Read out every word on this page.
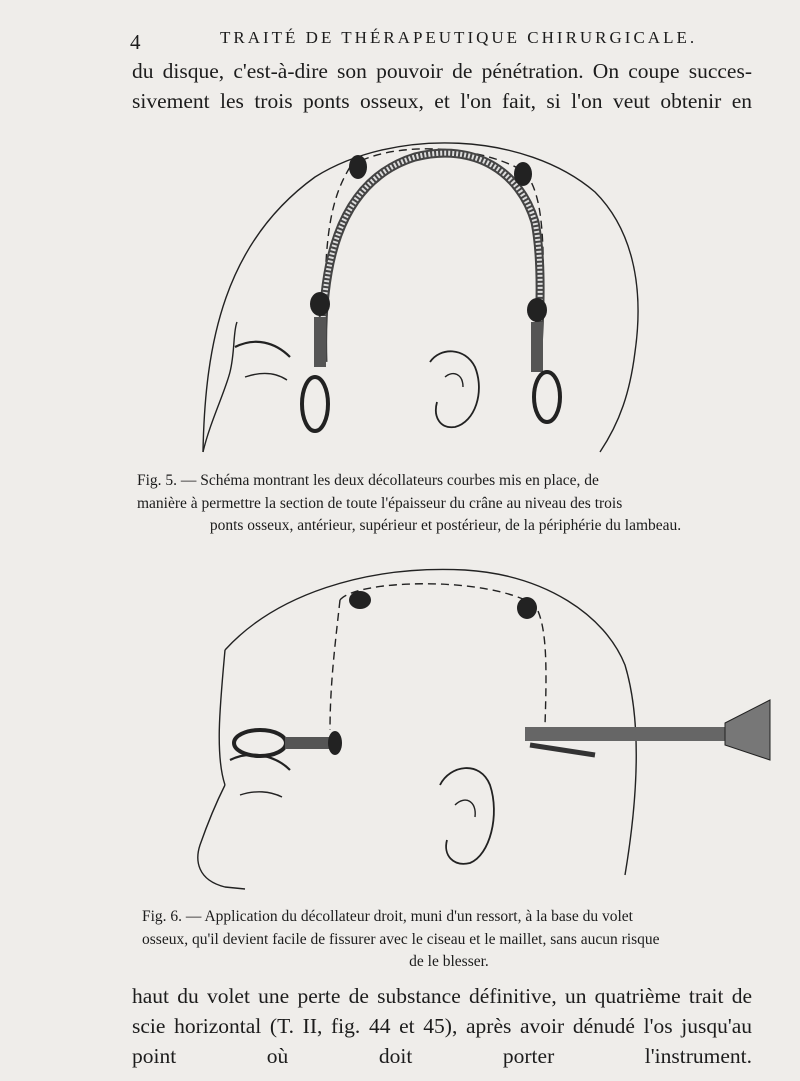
4	TRAITÉ DE THÉRAPEUTIQUE CHIRURGICALE.
du disque, c'est-à-dire son pouvoir de pénétration. On coupe succes-
sivement les trois ponts osseux, et l'on fait, si l'on veut obtenir en
Fig. 5. — Schéma montrant les deux décollateurs courbes mis en place, de
manière à permettre la section de toute l'épaisseur du crâne au niveau des trois
ponts osseux, antérieur, supérieur et postérieur, de la périphérie du lambeau.
Fig. 6. — Application du décollateur droit, muni d'un ressort, à la base du volet
osseux, qu'il devient facile de fissurer avec le ciseau et le maillet, sans aucun risque
de le blesser.
haut du volet une perte de substance définitive, un quatrième trait de
scie horizontal (T. II, fig. 44 et 45), après avoir dénudé l'os jusqu'au
point où doit porter l'instrument.
